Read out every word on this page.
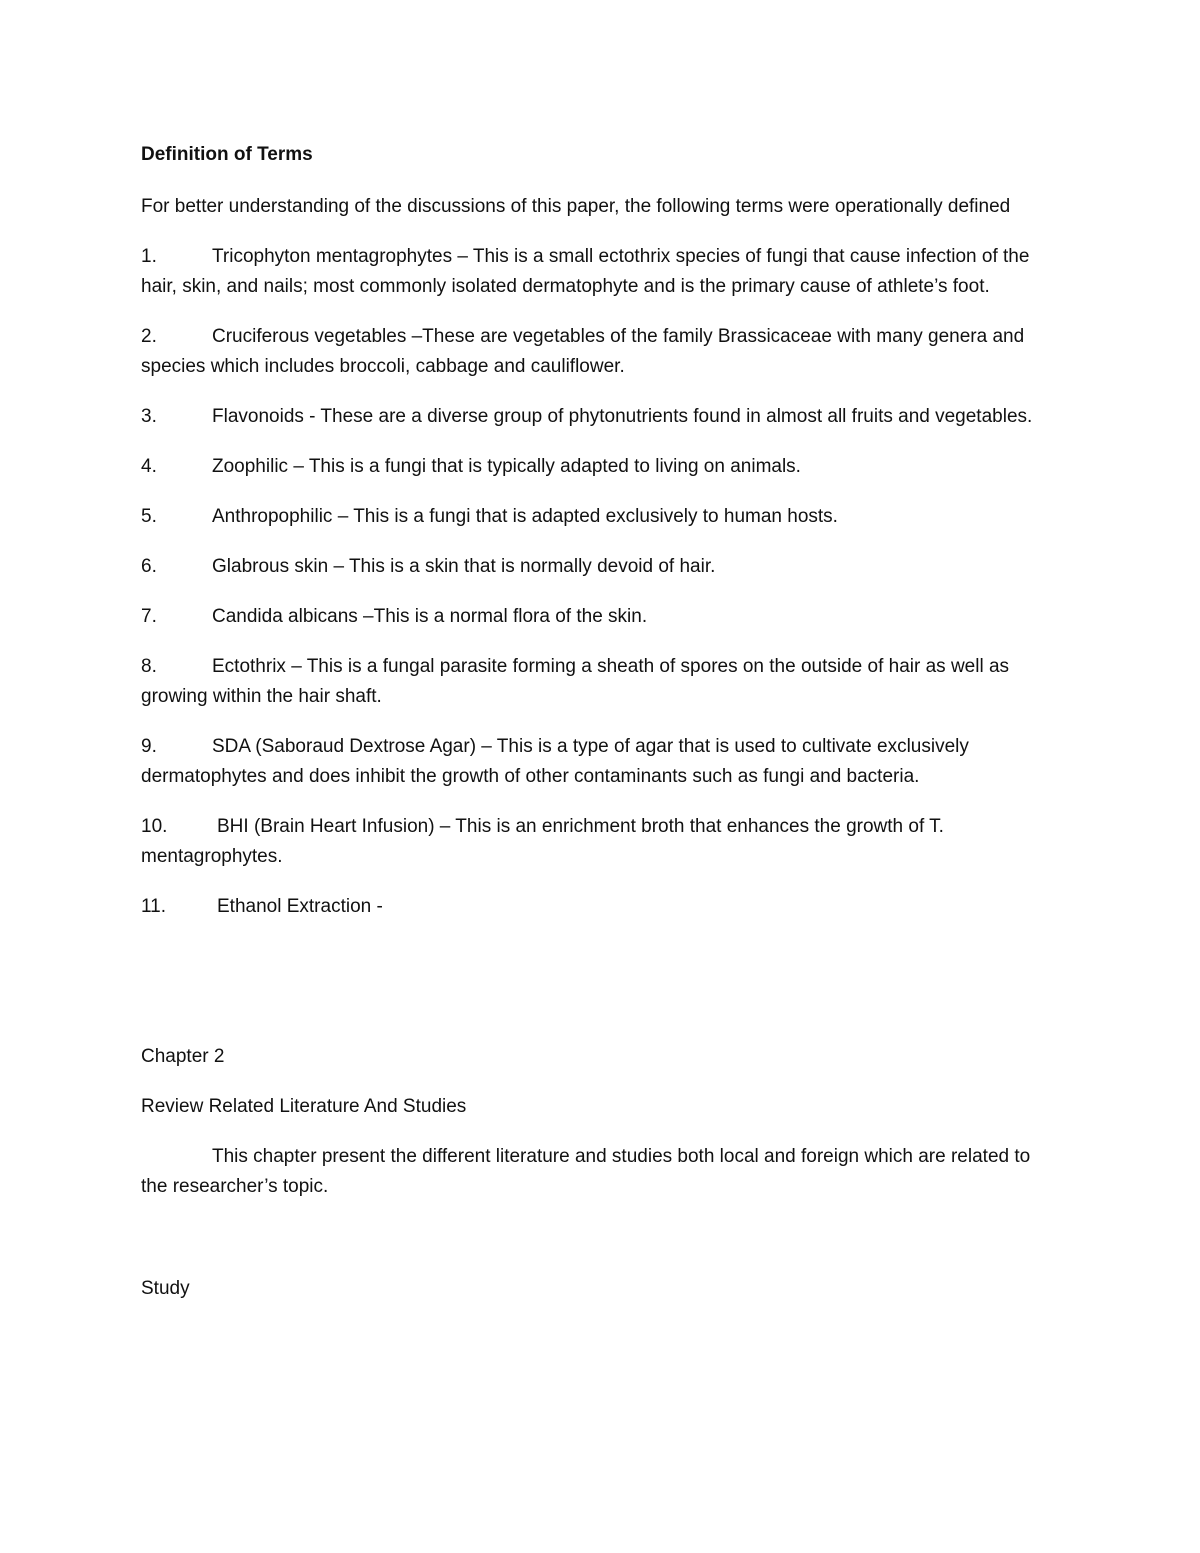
Definition of Terms
For better understanding of the discussions of this paper, the following terms were operationally defined
1.	Tricophyton mentagrophytes – This is a small ectothrix species of fungi that cause infection of the hair, skin, and nails; most commonly isolated dermatophyte and is the primary cause of athlete’s foot.
2.	Cruciferous vegetables –These are vegetables of the family Brassicaceae with many genera and species which includes broccoli, cabbage and cauliflower.
3.	Flavonoids - These are a diverse group of phytonutrients found in almost all fruits and vegetables.
4.	Zoophilic – This is a fungi that is typically adapted to living on animals.
5.	Anthropophilic – This is a fungi that is adapted exclusively to human hosts.
6.	Glabrous skin – This is a skin that is normally devoid of hair.
7.	Candida albicans –This is a normal flora of the skin.
8.	Ectothrix – This is a fungal parasite forming a sheath of spores on the outside of hair as well as growing within the hair shaft.
9.	SDA (Saboraud Dextrose Agar) – This is a type of agar that is used to cultivate exclusively dermatophytes and does inhibit the growth of other contaminants such as fungi and bacteria.
10.	BHI (Brain Heart Infusion) – This is an enrichment broth that enhances the growth of T. mentagrophytes.
11.	Ethanol Extraction -
Chapter 2
Review Related Literature And Studies
This chapter present the different literature and studies both local and foreign which are related to the researcher’s topic.
Study
